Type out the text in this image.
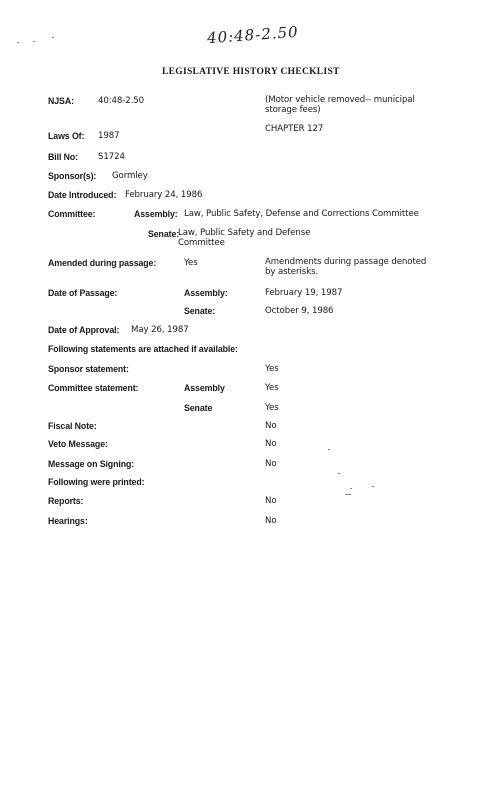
40:48-2.50
LEGISLATIVE HISTORY CHECKLIST
NJSA:	40:48-2.50	(Motor vehicle removed-- municipal storage fees)
CHAPTER 127
Laws Of: 1987
Bill No: S1724
Sponsor(s): Gormley
Date Introduced: February 24, 1986
Committee:	Assembly: Law, Public Safety, Defense and Corrections Committee
Senate:
Law, Public Safety and Defense Committee
Amended during passage:	Yes	Amendments during passage denoted by asterisks.
Date of Passage:	Assembly:	February 19, 1987
Senate:	October 9, 1986
Date of Approval: May 26, 1987
Following statements are attached if available:
Sponsor statement:	Yes
Committee statement:	Assembly	Yes
Senate	Yes
Fiscal Note:	No
Veto Message:	No
Message on Signing:	No
Following were printed:
Reports:	No
Hearings:	No
